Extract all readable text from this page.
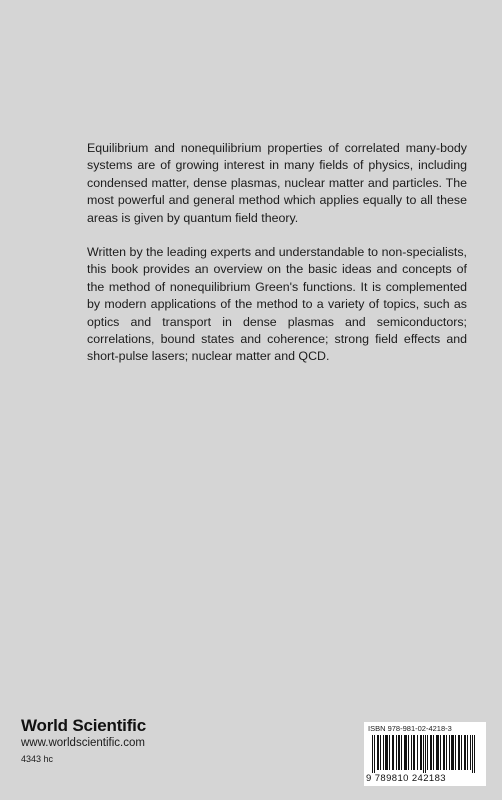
Equilibrium and nonequilibrium properties of correlated many-body systems are of growing interest in many fields of physics, including condensed matter, dense plasmas, nuclear matter and particles. The most powerful and general method which applies equally to all these areas is given by quantum field theory.

Written by the leading experts and understandable to non-specialists, this book provides an overview on the basic ideas and concepts of the method of nonequilibrium Green's functions. It is complemented by modern applications of the method to a variety of topics, such as optics and transport in dense plasmas and semiconductors; correlations, bound states and coherence; strong field effects and short-pulse lasers; nuclear matter and QCD.

World Scientific
www.worldscientific.com
4343 hc
ISBN 978-981-02-4218-3
9 789810 242183
